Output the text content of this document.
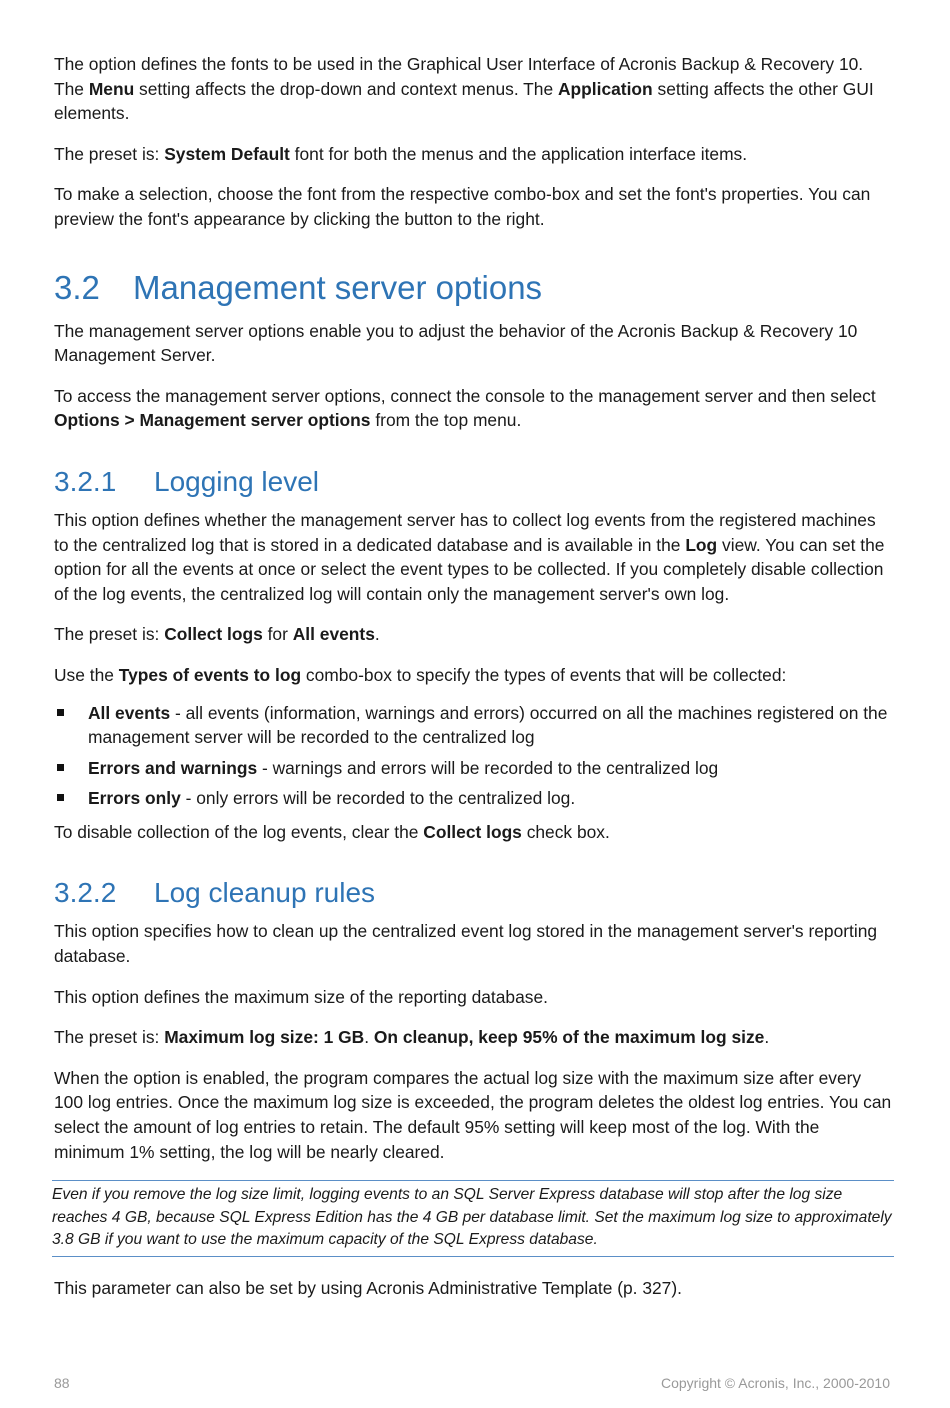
The option defines the fonts to be used in the Graphical User Interface of Acronis Backup & Recovery 10. The Menu setting affects the drop-down and context menus. The Application setting affects the other GUI elements.

The preset is: System Default font for both the menus and the application interface items.

To make a selection, choose the font from the respective combo-box and set the font's properties. You can preview the font's appearance by clicking the button to the right.

3.2	Management server options

The management server options enable you to adjust the behavior of the Acronis Backup & Recovery 10 Management Server.

To access the management server options, connect the console to the management server and then select Options > Management server options from the top menu.

3.2.1	Logging level

This option defines whether the management server has to collect log events from the registered machines to the centralized log that is stored in a dedicated database and is available in the Log view. You can set the option for all the events at once or select the event types to be collected. If you completely disable collection of the log events, the centralized log will contain only the management server's own log.

The preset is: Collect logs for All events.

Use the Types of events to log combo-box to specify the types of events that will be collected:

All events - all events (information, warnings and errors) occurred on all the machines registered on the management server will be recorded to the centralized log
Errors and warnings - warnings and errors will be recorded to the centralized log
Errors only - only errors will be recorded to the centralized log.

To disable collection of the log events, clear the Collect logs check box.

3.2.2	Log cleanup rules

This option specifies how to clean up the centralized event log stored in the management server's reporting database.

This option defines the maximum size of the reporting database.

The preset is: Maximum log size: 1 GB. On cleanup, keep 95% of the maximum log size.

When the option is enabled, the program compares the actual log size with the maximum size after every 100 log entries. Once the maximum log size is exceeded, the program deletes the oldest log entries. You can select the amount of log entries to retain. The default 95% setting will keep most of the log. With the minimum 1% setting, the log will be nearly cleared.

Even if you remove the log size limit, logging events to an SQL Server Express database will stop after the log size reaches 4 GB, because SQL Express Edition has the 4 GB per database limit. Set the maximum log size to approximately 3.8 GB if you want to use the maximum capacity of the SQL Express database.

This parameter can also be set by using Acronis Administrative Template (p. 327).

88	Copyright © Acronis, Inc., 2000-2010
